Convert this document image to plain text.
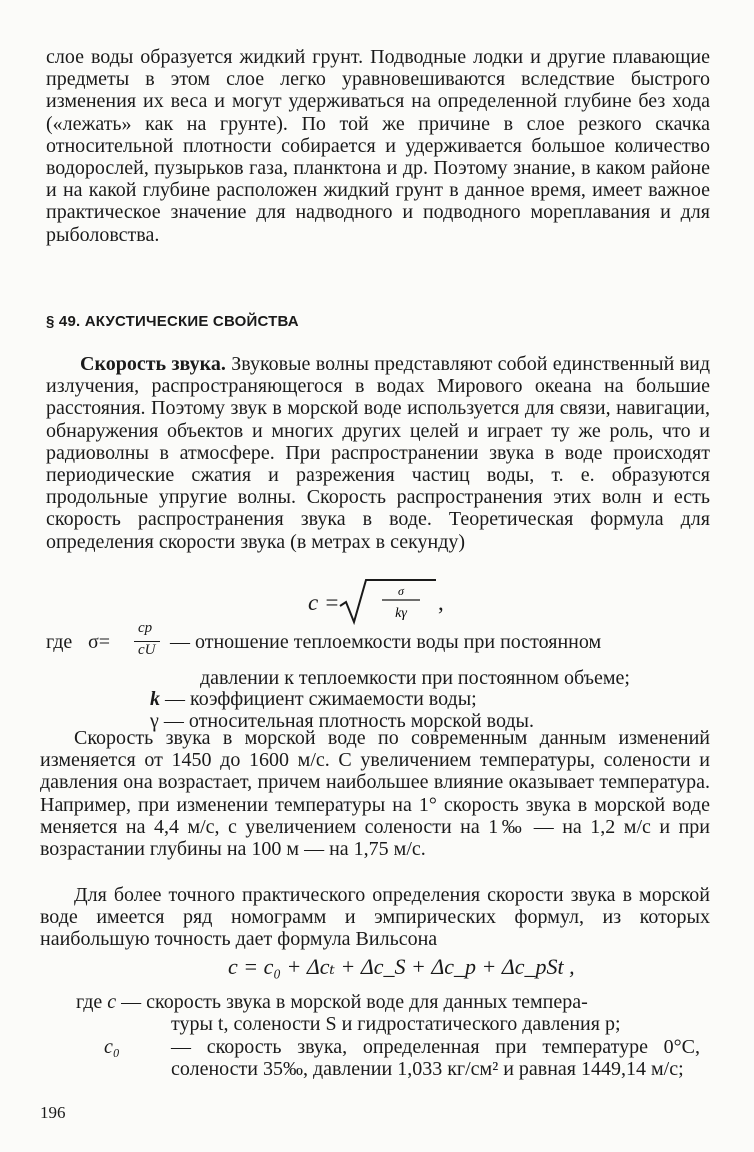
слое воды образуется жидкий грунт. Подводные лодки и другие плавающие предметы в этом слое легко уравновешиваются вследствие быстрого изменения их веса и могут удерживаться на определенной глубине без хода («лежать» как на грунте). По той же причине в слое резкого скачка относительной плотности собирается и удерживается большое количество водорослей, пузырьков газа, планктона и др. Поэтому знание, в каком районе и на какой глубине расположен жидкий грунт в данное время, имеет важное практическое значение для надводного и подводного мореплавания и для рыболовства.

§ 49. АКУСТИЧЕСКИЕ СВОЙСТВА

Скорость звука. Звуковые волны представляют собой единственный вид излучения, распространяющегося в водах Мирового океана на большие расстояния. Поэтому звук в морской воде используется для связи, навигации, обнаружения объектов и многих других целей и играет ту же роль, что и радиоволны в атмосфере. При распространении звука в воде происходят периодические сжатия и разрежения частиц воды, т. е. образуются продольные упругие волны. Скорость распространения этих волн и есть скорость распространения звука в воде. Теоретическая формула для определения скорости звука (в метрах в секунду)

c =	σ
kγ ,
где σ=
cp
cU — отношение теплоемкости воды при постоянном
давлении к теплоемкости при постоянном объеме;
k — коэффициент сжимаемости воды;
γ — относительная плотность морской воды.

Скорость звука в морской воде по современным данным изменений изменяется от 1450 до 1600 м/с. С увеличением температуры, солености и давления она возрастает, причем наибольшее влияние оказывает температура. Например, при изменении температуры на 1° скорость звука в морской воде меняется на 4,4 м/с, с увеличением солености на 1‰ — на 1,2 м/с и при возрастании глубины на 100 м — на 1,75 м/с.

Для более точного практического определения скорости звука в морской воде имеется ряд номограмм и эмпирических формул, из которых наибольшую точность дает формула Вильсона

c = c₀ + Δcₜ + Δc_S + Δc_p + Δc_pSt ,
где c — скорость звука в морской воде для данных темпера-
туры t, солености S и гидростатического давления p;
c₀	— скорость звука, определенная при температуре 0°С, солености 35‰, давлении 1,033 кг/см² и равная 1449,14 м/с;
196
